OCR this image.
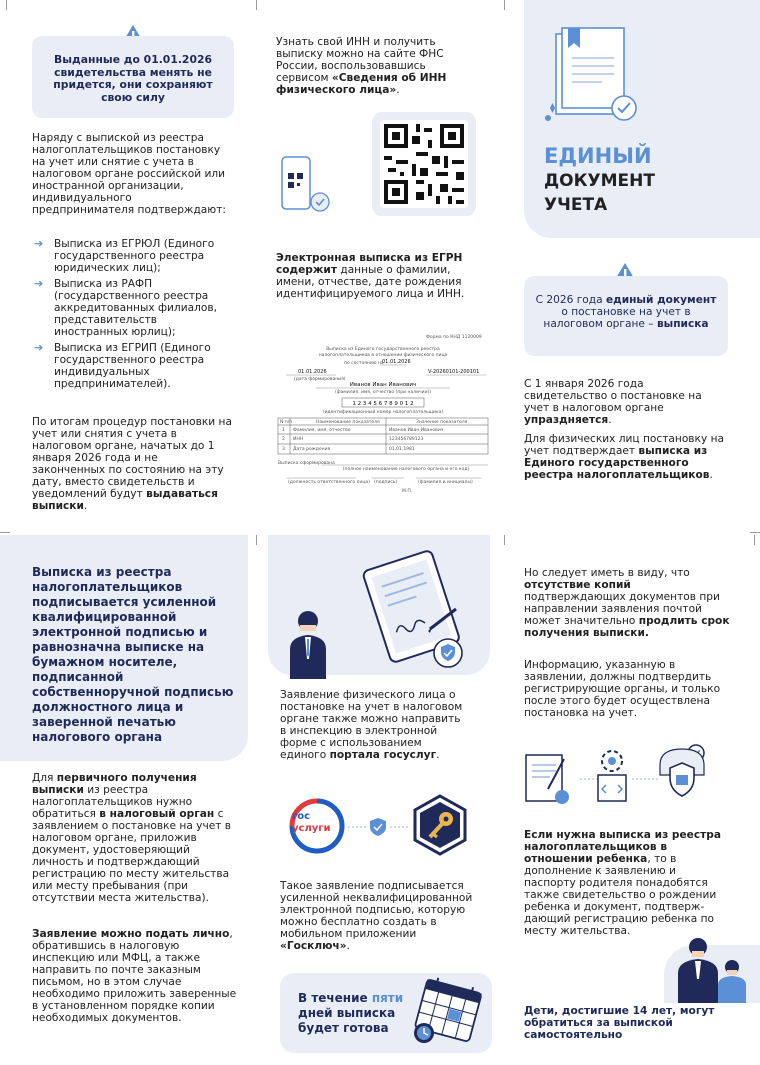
Выданные до 01.01.2026 свидетельства менять не придется, они сохраняют свою силу
Наряду с выпиской из реестра налогоплательщиков постановку на учет или снятие с учета в налоговом органе российской или иностранной организации, индивидуального предпринимателя подтверждают:
➔ Выписка из ЕГРЮЛ (Единого государственного реестра юридических лиц);
➔ Выписка из РАФП (государственного реестра аккредитованных филиалов, представительств иностранных юрлиц);
➔ Выписка из ЕГРИП (Единого государственного реестра индивидуальных предпринимателей).
По итогам процедур постановки на учет или снятия с учета в налоговом органе, начатых до 1 января 2026 года и не законченных по состоянию на эту дату, вместо свидетельств и уведомлений будут выдаваться выписки.
Узнать свой ИНН и получить выписку можно на сайте ФНС России, воспользовавшись сервисом «Сведения об ИНН физического лица».
Электронная выписка из ЕГРН содержит данные о фамилии, имени, отчестве, дате рождения идентифицируемого лица и ИНН.
Форма по КНД 1120009
Выписка из Единого государственного реестра
налогоплательщиков в отношении физического лица
по состоянию на
01.01.2026
01.01.2026	V-20260101-200101
(дата формирования)
Иванов Иван Иванович
(фамилия, имя, отчество (при наличии))
1 2 3 4 5 6 7 8 9 0 1 2
(идентификационный номер налогоплательщика)
N п/п	Наименование показателя	Значение показателя
1 Фамилия, имя, отчество	Иванов Иван Иванович
2 ИНН	123456789123
3 Дата рождения	01.01.1981
Выписка сформирована
(полное наименование налогового органа и его код)
(должность ответственного лица) (подпись)	(фамилия и инициалы)
М.П.
ЕДИНЫЙ
ДОКУМЕНТ
УЧЕТА
С 2026 года единый документ о постановке на учет в налоговом органе – выписка
С 1 января 2026 года свидетельство о постановке на учет в налоговом органе упраздняется.
Для физических лиц постановку на учет подтверждает выписка из Единого государственного реестра налогоплательщиков.
Выписка из реестра налогоплательщиков подписывается усиленной квалифицированной электронной подписью и равнозначна выписке на бумажном носителе, подписанной собственноручной подписью должностного лица и заверенной печатью налогового органа
Для первичного получения выписки из реестра налогоплательщиков нужно обратиться в налоговый орган с заявлением о постановке на учет в налоговом органе, приложив документ, удостоверяющий личность и подтверждающий регистрацию по месту жительства или месту пребывания (при отсутствии места жительства).
Заявление можно подать лично, обратившись в налоговую инспекцию или МФЦ, а также направить по почте заказным письмом, но в этом случае необходимо приложить заверенные в установленном порядке копии необходимых документов.
Заявление физического лица о постановке на учет в налоговом органе также можно направить в инспекцию в электронной форме с использованием единого портала госуслуг.
гос
услуги
Такое заявление подписывается усиленной неквалифицированной электронной подписью, которую можно бесплатно создать в мобильном приложении «Госключ».
В течение пяти дней выписка будет готова
Но следует иметь в виду, что отсутствие копий подтверждающих документов при направлении заявления почтой может значительно продлить срок получения выписки.
Информацию, указанную в заявлении, должны подтвердить регистрирующие органы, и только после этого будет осуществлена постановка на учет.
Если нужна выписка из реестра налогоплательщиков в отношении ребенка, то в дополнение к заявлению и паспорту родителя понадобятся также свидетельство о рождении ребенка и документ, подтверж-дающий регистрацию ребенка по месту жительства.
Дети, достигшие 14 лет, могут обратиться за выпиской самостоятельно
